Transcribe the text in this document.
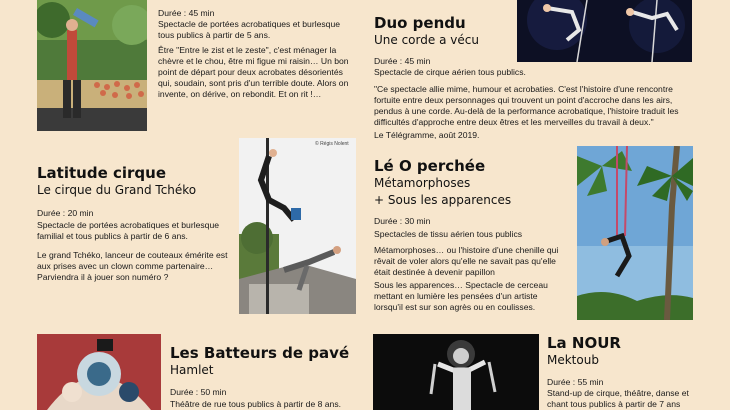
Durée : 45 min
Spectacle de portées acrobatiques et burlesque tous publics à partir de 5 ans.
Être "Entre le zist et le zeste", c'est ménager la chèvre et le chou, être mi figue mi raisin… Un bon point de départ pour deux acrobates désorientés qui, soudain, sont pris d'un terrible doute. Alors on invente, on dérive, on rebondit. Et on rit !…
Duo pendu
Une corde a vécu
Durée : 45 min
Spectacle de cirque aérien tous publics.
"Ce spectacle allie mime, humour et acrobaties. C'est l'histoire d'une rencontre fortuite entre deux personnages qui trouvent un point d'accroche dans les airs, pendus à une corde. Au-delà de la performance acrobatique, l'histoire traduit les difficultés d'approche entre deux êtres et les merveilles du travail à deux."
Le Télégramme, août 2019.
Latitude cirque
Le cirque du Grand Tchéko
Durée : 20 min
Spectacle de portées acrobatiques et burlesque familial et tous publics à partir de 6 ans.
Le grand Tchéko, lanceur de couteaux émérite est aux prises avec un clown comme partenaire… Parviendra il à jouer son numéro ?
© Régis Nolent
Lé O perchée
Métamorphoses
+ Sous les apparences
Durée : 30 min
Spectacles de tissu aérien tous publics
Métamorphoses… ou l'histoire d'une chenille qui rêvait de voler alors qu'elle ne savait pas qu'elle était destinée à devenir papillon
Sous les apparences… Spectacle de cerceau mettant en lumière les pensées d'un artiste lorsqu'il est sur son agrès ou en coulisses.
Les Batteurs de pavé
Hamlet
Durée : 50 min
Théâtre de rue tous publics à partir de 8 ans.
La NOUR
Mektoub
Durée : 55 min
Stand-up de cirque, théâtre, danse et chant tous publics à partir de 7 ans
